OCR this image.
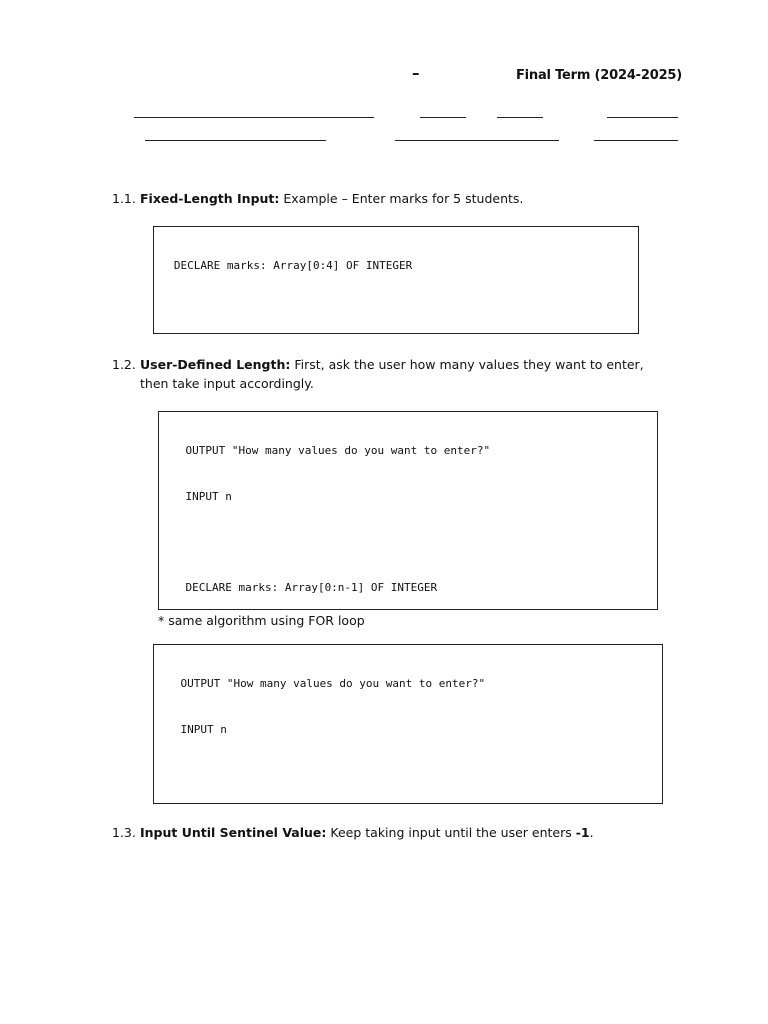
–	Final Term (2024-2025)
1.1. Fixed-Length Input: Example – Enter marks for 5 students.

DECLARE marks: Array[0:4] OF INTEGER

1.2. User-Defined Length: First, ask the user how many values they want to enter, then take input accordingly.

OUTPUT "How many values do you want to enter?"

INPUT n

DECLARE marks: Array[0:n-1] OF INTEGER

* same algorithm using FOR loop

OUTPUT "How many values do you want to enter?"

INPUT n

1.3. Input Until Sentinel Value: Keep taking input until the user enters -1.
